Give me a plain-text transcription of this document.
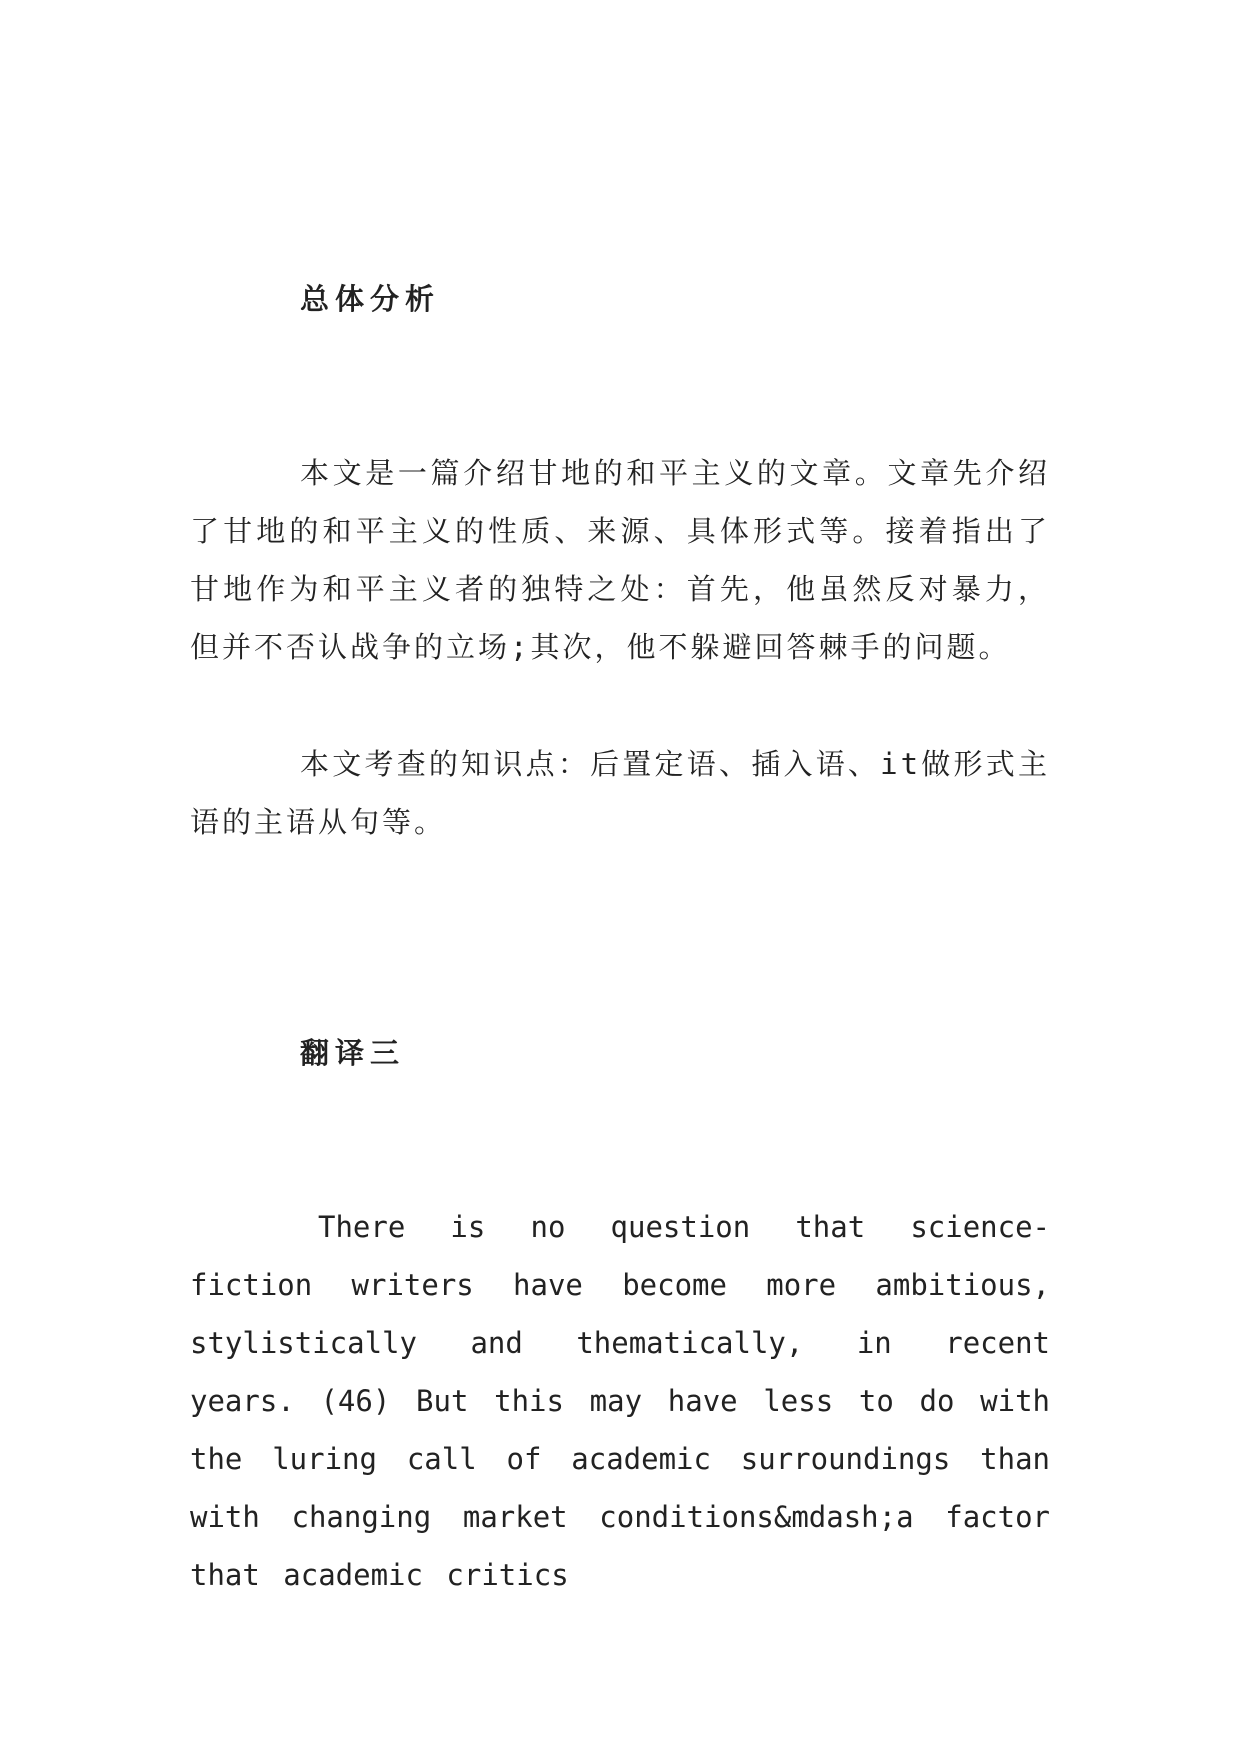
总体分析

本文是一篇介绍甘地的和平主义的文章。文章先介绍了甘地的和平主义的性质、来源、具体形式等。接着指出了甘地作为和平主义者的独特之处：首先，他虽然反对暴力，但并不否认战争的立场;其次，他不躲避回答棘手的问题。

本文考查的知识点：后置定语、插入语、it做形式主语的主语从句等。

翻译三

There is no question that science-fiction writers have become more ambitious, stylistically and thematically, in recent years. (46) But this may have less to do with the luring call of academic surroundings than with changing market conditions&mdash;a factor that academic critics
